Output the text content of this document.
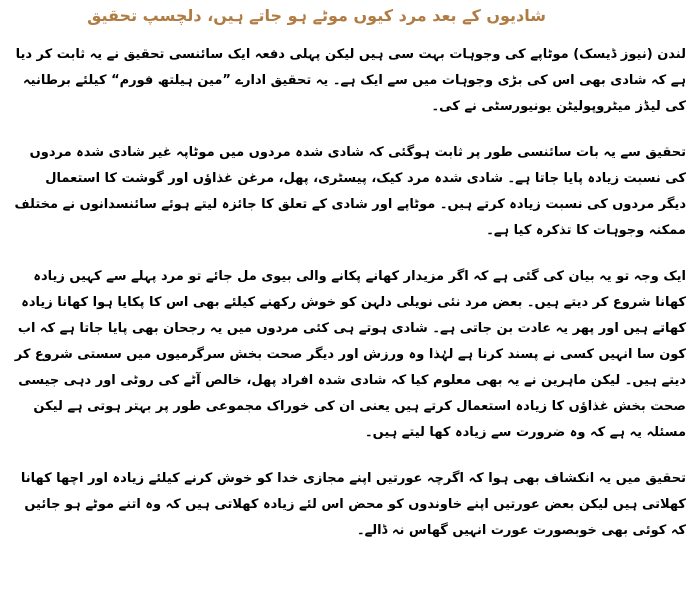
شادیوں کے بعد مرد کیوں موٹے ہو جاتے ہیں، دلچسپ تحقیق

لندن (نیوز ڈیسک) موٹاپے کی وجوہات بہت سی ہیں لیکن پہلی دفعہ ایک سائنسی تحقیق نے یہ ثابت کر دیا ہے کہ شادی بھی اس کی بڑی وجوہات میں سے ایک ہے۔ یہ تحقیق ادارے ”مین ہیلتھ فورم“ کیلئے برطانیہ کی لیڈز میٹروپولیٹن یونیورسٹی نے کی۔

تحقیق سے یہ بات سائنسی طور پر ثابت ہوگئی کہ شادی شدہ مردوں میں موٹاپہ غیر شادی شدہ مردوں کی نسبت زیادہ پایا جاتا ہے۔ شادی شدہ مرد کیک، پیسٹری، پھل، مرغن غذاؤں اور گوشت کا استعمال دیگر مردوں کی نسبت زیادہ کرتے ہیں۔ موٹاپے اور شادی کے تعلق کا جائزہ لیتے ہوئے سائنسدانوں نے مختلف ممکنہ وجوہات کا تذکرہ کیا ہے۔

ایک وجہ تو یہ بیان کی گئی ہے کہ اگر مزیدار کھانے پکانے والی بیوی مل جائے تو مرد پہلے سے کہیں زیادہ کھانا شروع کر دیتے ہیں۔ بعض مرد نئی نویلی دلہن کو خوش رکھنے کیلئے بھی اس کا پکایا ہوا کھانا زیادہ کھاتے ہیں اور پھر یہ عادت بن جاتی ہے۔ شادی ہوتے ہی کئی مردوں میں یہ رجحان بھی پایا جاتا ہے کہ اب کون سا انہیں کسی نے پسند کرنا ہے لہٰذا وہ ورزش اور دیگر صحت بخش سرگرمیوں میں سستی شروع کر دیتے ہیں۔ لیکن ماہرین نے یہ بھی معلوم کیا کہ شادی شدہ افراد پھل، خالص آٹے کی روٹی اور دہی جیسی صحت بخش غذاؤں کا زیادہ استعمال کرتے ہیں یعنی ان کی خوراک مجموعی طور پر بہتر ہوتی ہے لیکن مسئلہ یہ ہے کہ وہ ضرورت سے زیادہ کھا لیتے ہیں۔

تحقیق میں یہ انکشاف بھی ہوا کہ اگرچہ عورتیں اپنے مجازی خدا کو خوش کرنے کیلئے زیادہ اور اچھا کھانا کھلاتی ہیں لیکن بعض عورتیں اپنے خاوندوں کو محض اس لئے زیادہ کھلاتی ہیں کہ وہ اتنے موٹے ہو جائیں کہ کوئی بھی خوبصورت عورت انہیں گھاس نہ ڈالے۔
